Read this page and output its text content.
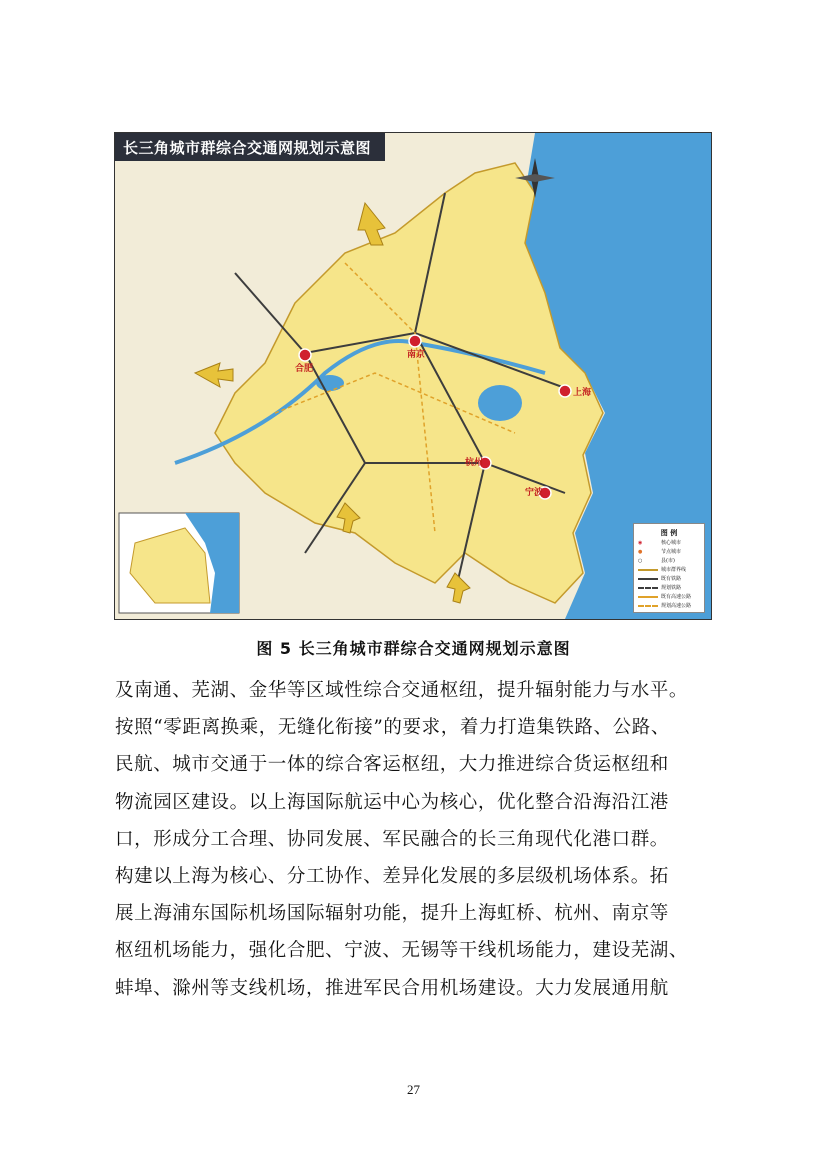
长三角城市群综合交通网规划示意图
南京
合肥
上海
杭州
宁波
图 例
◉	核心城市
●	节点城市
○	县(市)
城市群界线
既有铁路
规划铁路
既有高速公路
规划高速公路
图 5 长三角城市群综合交通网规划示意图

及南通、芜湖、金华等区域性综合交通枢纽，提升辐射能力与水平。

按照“零距离换乘，无缝化衔接”的要求，着力打造集铁路、公路、

民航、城市交通于一体的综合客运枢纽，大力推进综合货运枢纽和

物流园区建设。以上海国际航运中心为核心，优化整合沿海沿江港

口，形成分工合理、协同发展、军民融合的长三角现代化港口群。

构建以上海为核心、分工协作、差异化发展的多层级机场体系。拓

展上海浦东国际机场国际辐射功能，提升上海虹桥、杭州、南京等

枢纽机场能力，强化合肥、宁波、无锡等干线机场能力，建设芜湖、

蚌埠、滁州等支线机场，推进军民合用机场建设。大力发展通用航

27
